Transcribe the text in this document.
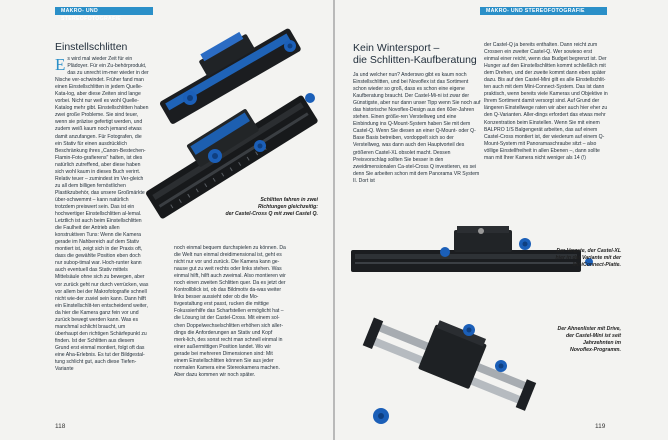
MAKRO- UND STEREOFOTOGRAFIE
Einstellschlitten
E s wird mal wieder Zeit für ein Plädoyer. Für ein Zu-behörprodukt, das zu unrecht im-mer wieder in der Nische ver-schwindet. Früher fand man einen Einstellschlitten in jedem Quelle-Kata-log, aber diese Zeiten sind lange vorbei. Nicht nur weil es wohl Quelle-Katalog mehr gibt. Einstellschlitten haben zwei große Probleme. Sie sind teuer, wenn sie präzise gefertigt werden, und zudem weiß kaum noch jemand etwas damit anzufangen. Für Fotografen, die ein Stativ für einen ausdrücklich Beschränkung ihres „Canon-Bestechen-Flamin-Foto-grafierens" halten, ist dies natürlich zutreffend, aber diese haben sich wohl kaum in dieses Buch verirrt.

Relativ teuer – zumindest im Ver-gleich zu all dem billigen fernöstlichen Plastikzubehör, das unsere Großmärkte über-schwemmt – kann natürlich trotzdem preiswert sein. Das ist ein hochwertiger Einstellschlitten al-lemal. Letztlich ist auch beim Einstellschlitten die Faulheit der Antrieb allen konstruktiven Tuns: Wenn die Kamera gerade im Nahbereich auf dem Stativ montiert ist, zeigt sich in der Praxis oft, dass die gewählte Position eben doch nur subop-timal war. Hoch-runter kann auch eventuell das Stativ mittels Mittelsäule ohne sich zu bewegen, aber vor zurück geht nur durch verrücken, was vor allem bei der Makrofotografie schnell nicht wie-der zuviel sein kann. Dann hilft ein Einstellschlit-ten entscheidend weiter, da hier die Kamera ganz fein vor und zurück bewegt werden kann. Was es manchmal schlicht braucht, um überhaupt den richtigen Schärfepunkt zu finden. Ist der Schlitten aus diesem Grund erst einmal montiert, folgt oft das eine Aha-Erlebnis. Es tut der Bildgestal-tung schlicht gut, auch diese Tiefen-Variante

noch einmal bequem durchspielen zu können. Da die Welt nun einmal dreidimensional ist, geht es nicht nur vor und zurück. Die Kamera kann ge-nause gut zu weit rechts oder links stehen. Was einmal hilft, hilft auch zweimal. Also montieren wir noch einen zweiten Schlitten quer. Da es jetzt der Kontrollblick ist, ob das Bildmotiv da-was weiter links besser aussieht oder ob die Mo-tivgestaltung erst passt, rucken die mittige Fokussierhilfe das Scharfstellen ermöglicht hat – die Lösung ist der Castel-Cross. Mit einem sol-chen Doppelwechselschlitten erhöhen sich aller-dings die Anforderungen an Stativ und Kopf merk-lich, des sonst recht man schnell einmal in einer außermittigen Position landet. Wo wir gerade bei mehreren Dimensionen sind: Mit einem Einstellschlitten können Sie aus jeder normalen Kamera eine Stereokamera machen. Aber dazu kommen wir noch später.
Schlitten fahren in zwei
Richtungen gleichzeitig:
der Castel-Cross Q mit zwei Castel Q.
118
MAKRO- UND STEREOFOTOGRAFIE
Kein Wintersport –
die Schlitten-Kaufberatung
Ja und welcher nun? Anderswo gibt es kaum noch Einstellschlitten, und bei Novoflex ist das Sortiment schon wieder so groß, dass es schon eine eigene Kaufberatung braucht. Der Castel-Mi-ni ist zwar der Günstigste, aber nur dann unser Tipp wenn Sie noch auf das historische Novoflex-Design aus den 60er-Jahren stehen. Einen größe-ren Verstellweg und eine Einbindung ins Q-Mount-System haben Sie mit dem Castel-Q. Wenn Sie diesen an einer Q-Mount- oder Q-Base Basis betreiben, vordoppelt sich so der Verstellweg, was dann auch den Hauptvorteil des größeren Castel-XL obsolet macht. Dessen Preisvorschlag sollten Sie besser in den zweidimensionalen Ca-stel-Cross Q investieren, es sei denn Sie arbeiten schon mit dem Panorama VR System II. Dort ist
der Castel-Q ja bereits enthalten. Dann reicht zum Crossen ein zweiter Castel-Q. Wer sowieso erst einmal einer reicht, wenn das Budget begrenzt ist. Der Hunger auf den Einstellschlitten kommt schließlich mit dem Drehen, und der zweite kommt dann eben später dazu. Bis auf den Castel-Mini gilt es alle Einstellschlit-ten auch mit dem Mini-Connect-System. Das ist dann praktisch, wenn bereits viele Kameras und Objektive in Ihrem Sortiment damit versorgt sind. Auf Grund der längeren Einstellwege raten wir aber auch hier eher zu den Q-Varianten. Aller-dings erfordert das etwas mehr Konzentration beim Einstellen. Wenn Sie mit einem BALPRO 1/S Balgengerät arbeiten, das auf einem Castel-Cross montiert ist, der wiederum auf einem Q-Mount-System mit Panoramaschraube sitzt – also völlige Einstellfreiheit in allen Ebenen –, dann sollte man mit Ihrer Kamera nicht weniger als 14 (!)
Der längste, der Castel-XL
hier in der Variante mit der
MiniConnect-Platte.
Der Ahnenlister mit Drive,
der Castel-Mini ist seit
Jahrzehnten im
Novoflex-Programm.
119
